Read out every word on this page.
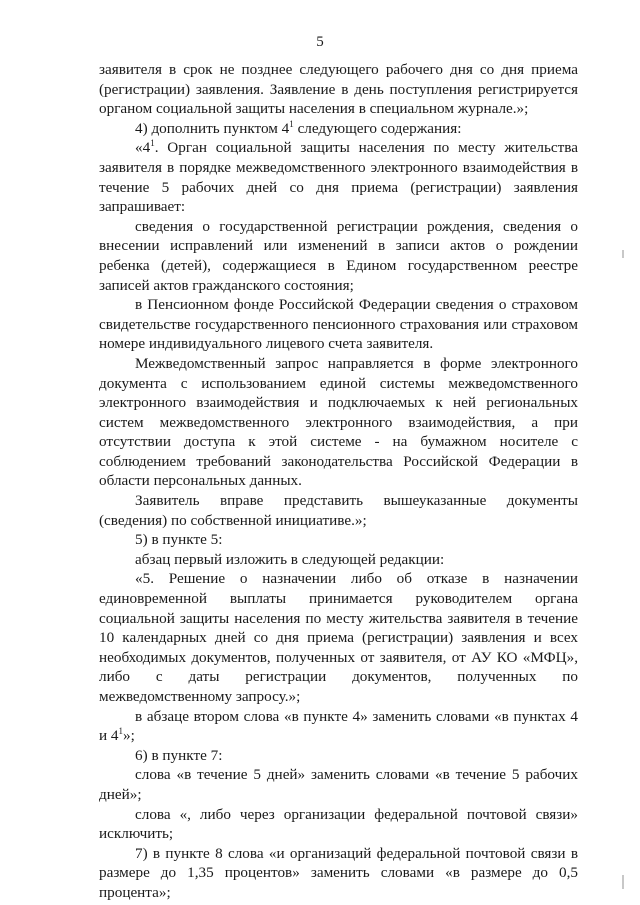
5

заявителя в срок не позднее следующего рабочего дня со дня приема (регистрации) заявления. Заявление в день поступления регистрируется органом социальной защиты населения в специальном журнале.»;

4) дополнить пунктом $4^1$ следующего содержания:

«$4^1$. Орган социальной защиты населения по месту жительства заявителя в порядке межведомственного электронного взаимодействия в течение 5 рабочих дней со дня приема (регистрации) заявления запрашивает:

сведения о государственной регистрации рождения, сведения о внесении исправлений или изменений в записи актов о рождении ребенка (детей), содержащиеся в Едином государственном реестре записей актов гражданского состояния;

в Пенсионном фонде Российской Федерации сведения о страховом свидетельстве государственного пенсионного страхования или страховом номере индивидуального лицевого счета заявителя.

Межведомственный запрос направляется в форме электронного документа с использованием единой системы межведомственного электронного взаимодействия и подключаемых к ней региональных систем межведомственного электронного взаимодействия, а при отсутствии доступа к этой системе - на бумажном носителе с соблюдением требований законодательства Российской Федерации в области персональных данных.

Заявитель вправе представить вышеуказанные документы (сведения) по собственной инициативе.»;

5) в пункте 5:

абзац первый изложить в следующей редакции:

«5. Решение о назначении либо об отказе в назначении единовременной выплаты принимается руководителем органа социальной защиты населения по месту жительства заявителя в течение 10 календарных дней со дня приема (регистрации) заявления и всех необходимых документов, полученных от заявителя, от АУ КО «МФЦ», либо с даты регистрации документов, полученных по межведомственному запросу.»;

в абзаце втором слова «в пункте 4» заменить словами «в пунктах 4 и $4^1$»;

6) в пункте 7:

слова «в течение 5 дней» заменить словами «в течение 5 рабочих дней»;

слова «, либо через организации федеральной почтовой связи» исключить;

7) в пункте 8 слова «и организаций федеральной почтовой связи в размере до 1,35 процентов» заменить словами «в размере до 0,5 процента»;
